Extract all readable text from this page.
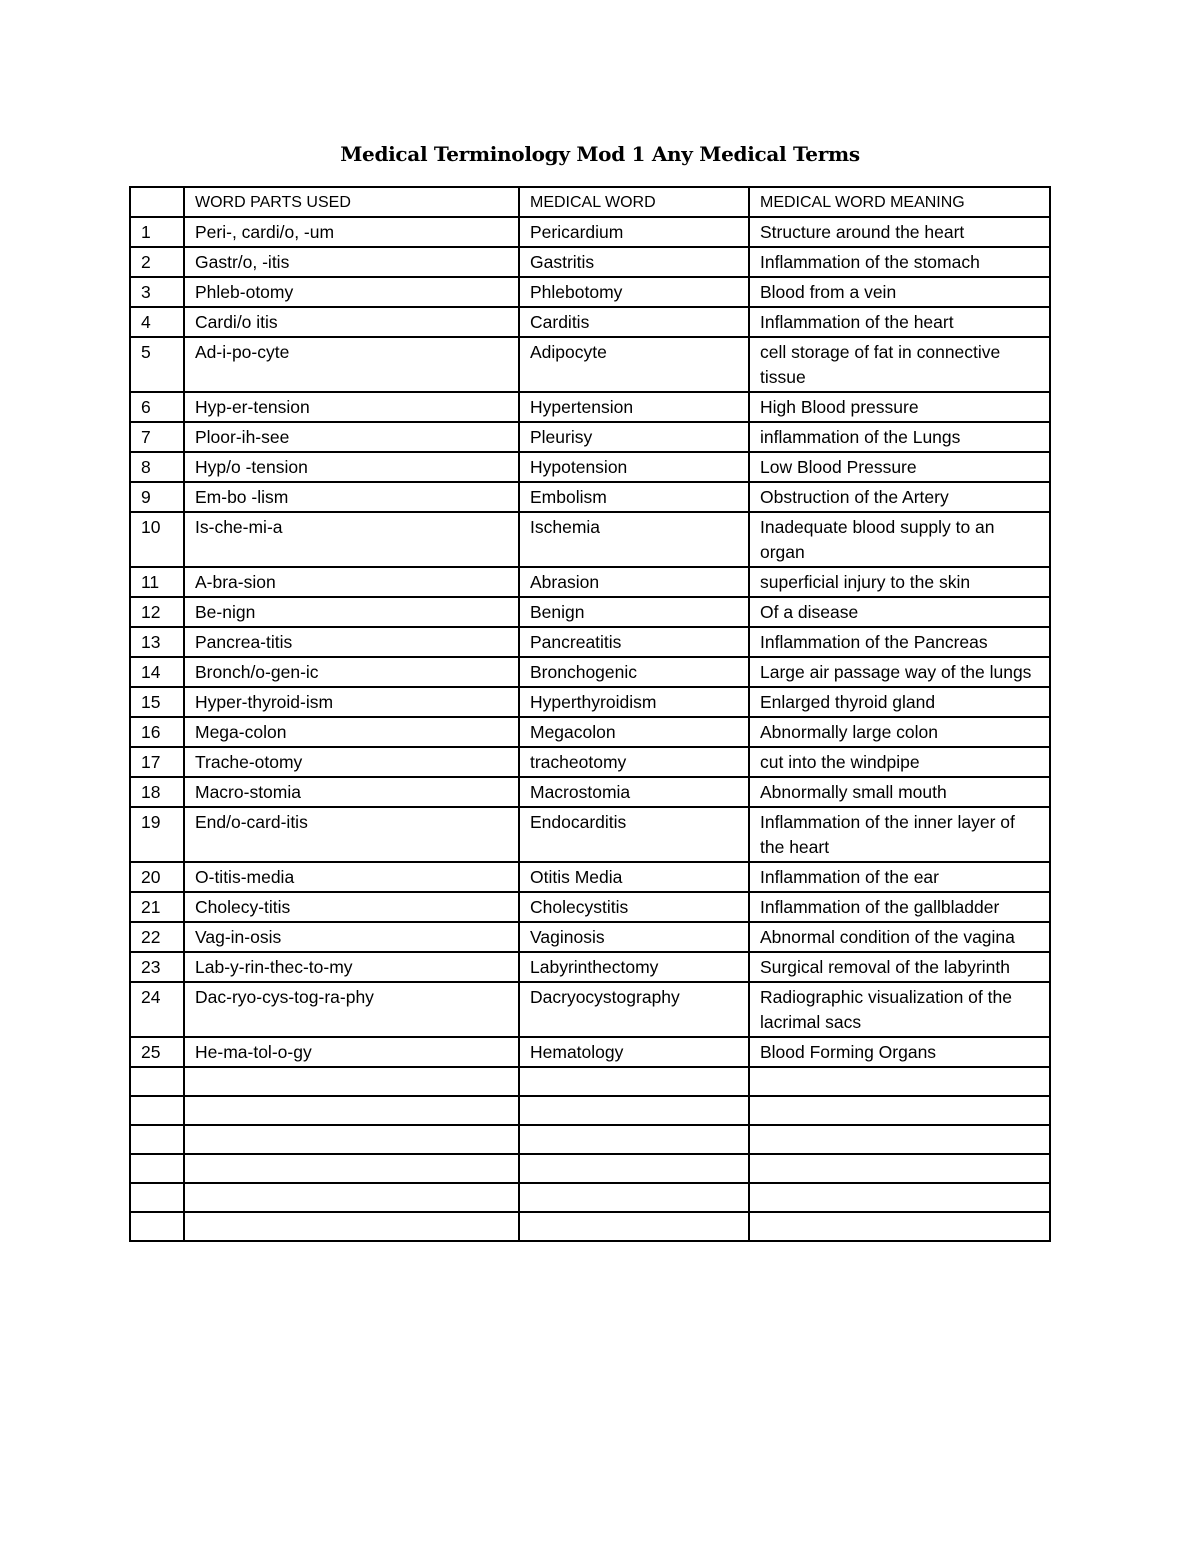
Medical Terminology Mod 1 Any Medical Terms
	WORD PARTS USED	MEDICAL WORD	MEDICAL WORD MEANING
1	Peri-, cardi/o, -um	Pericardium	Structure around the heart
2	Gastr/o, -itis	Gastritis	Inflammation of the stomach
3	Phleb-otomy	Phlebotomy	Blood from a vein
4	Cardi/o itis	Carditis	Inflammation of the heart
5	Ad-i-po-cyte	Adipocyte	cell storage of fat in connective tissue
6	Hyp-er-tension	Hypertension	High Blood pressure
7	Ploor-ih-see	Pleurisy	inflammation of the Lungs
8	Hyp/o -tension	Hypotension	Low Blood Pressure
9	Em-bo -lism	Embolism	Obstruction of the Artery
10	Is-che-mi-a	Ischemia	Inadequate blood supply to an organ
11	A-bra-sion	Abrasion	superficial injury to the skin
12	Be-nign	Benign	Of a disease
13	Pancrea-titis	Pancreatitis	Inflammation of the Pancreas
14	Bronch/o-gen-ic	Bronchogenic	Large air passage way of the lungs
15	Hyper-thyroid-ism	Hyperthyroidism	Enlarged thyroid gland
16	Mega-colon	Megacolon	Abnormally large colon
17	Trache-otomy	tracheotomy	cut into the windpipe
18	Macro-stomia	Macrostomia	Abnormally small mouth
19	End/o-card-itis	Endocarditis	Inflammation of the inner layer of the heart
20	O-titis-media	Otitis Media	Inflammation of the ear
21	Cholecy-titis	Cholecystitis	Inflammation of the gallbladder
22	Vag-in-osis	Vaginosis	Abnormal condition of the vagina
23	Lab-y-rin-thec-to-my	Labyrinthectomy	Surgical removal of the labyrinth
24	Dac-ryo-cys-tog-ra-phy	Dacryocystography	Radiographic visualization of the lacrimal sacs
25	He-ma-tol-o-gy	Hematology	Blood Forming Organs
